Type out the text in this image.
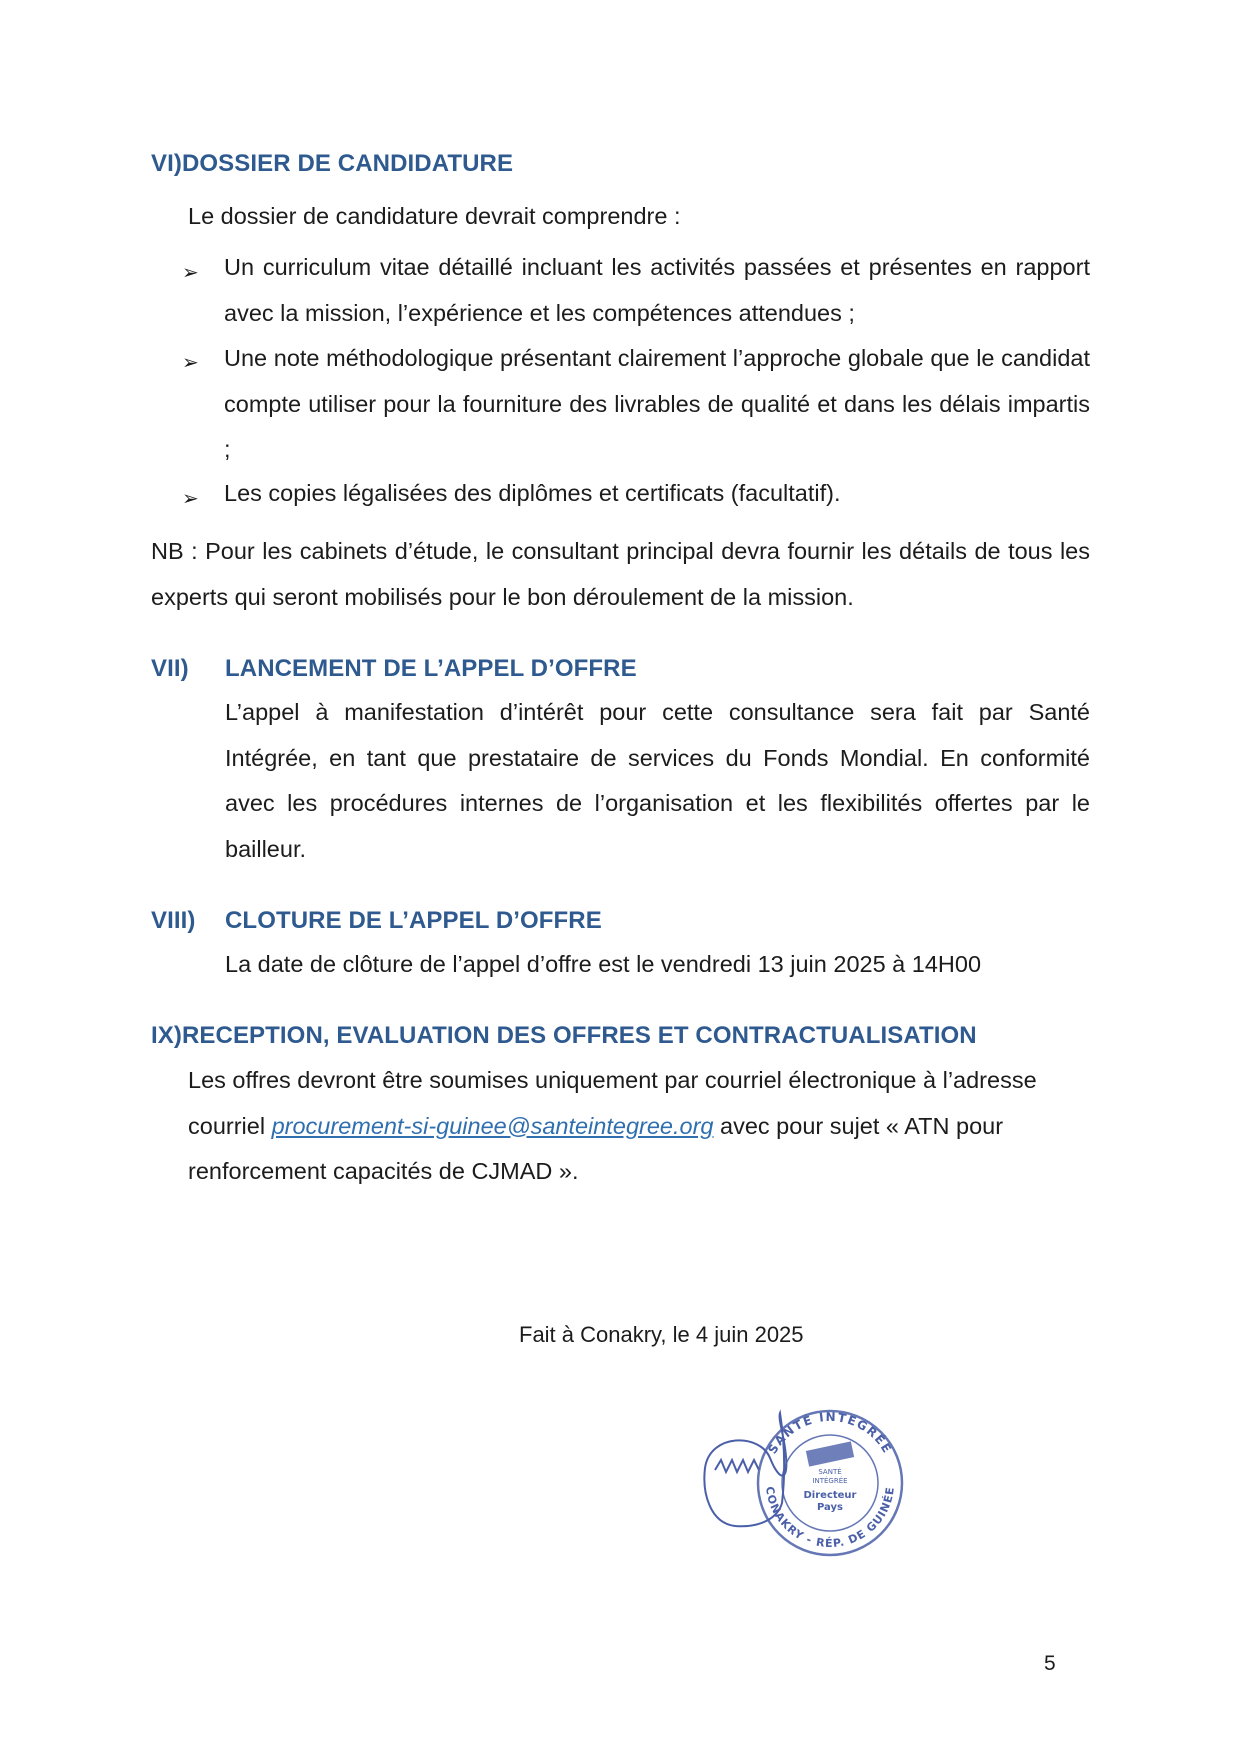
VI)DOSSIER DE CANDIDATURE
Le dossier de candidature devrait comprendre :
➢ Un curriculum vitae détaillé incluant les activités passées et présentes en rapport avec la mission, l’expérience et les compétences attendues ;
➢ Une note méthodologique présentant clairement l’approche globale que le candidat compte utiliser pour la fourniture des livrables de qualité et dans les délais impartis ;
➢ Les copies légalisées des diplômes et certificats (facultatif).
NB : Pour les cabinets d’étude, le consultant principal devra fournir les détails de tous les experts qui seront mobilisés pour le bon déroulement de la mission.
VII) LANCEMENT DE L’APPEL D’OFFRE
L’appel à manifestation d’intérêt pour cette consultance sera fait par Santé Intégrée, en tant que prestataire de services du Fonds Mondial. En conformité avec les procédures internes de l’organisation et les flexibilités offertes par le bailleur.
VIII) CLOTURE DE L’APPEL D’OFFRE
La date de clôture de l’appel d’offre est le vendredi 13 juin 2025 à 14H00
IX)RECEPTION, EVALUATION DES OFFRES ET CONTRACTUALISATION
Les offres devront être soumises uniquement par courriel électronique à l’adresse courriel procurement-si-guinee@santeintegree.org avec pour sujet « ATN pour renforcement capacités de CJMAD ».
Fait à Conakry, le 4 juin 2025
SANTÉ INTEGRÉE
CONAKRY - RÉP. DE GUINÉE
SANTÉ
INTÉGRÉE
Directeur
Pays
5
